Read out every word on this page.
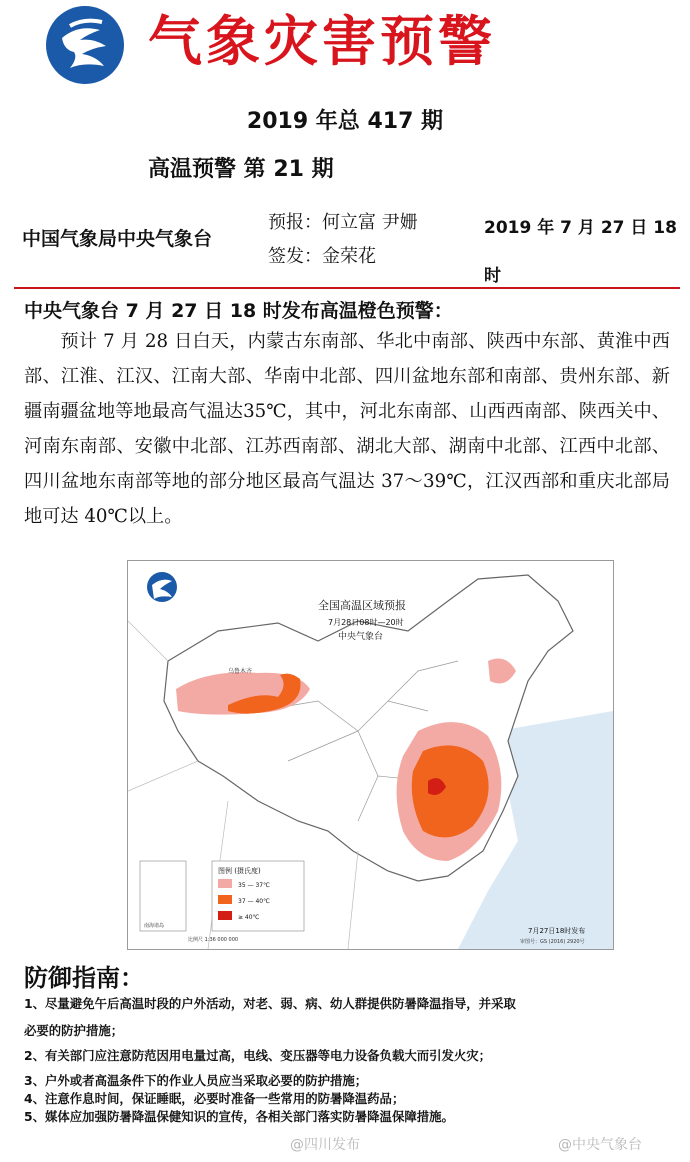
气象灾害预警
2019 年总 417 期
高温预警 第 21 期
中国气象局中央气象台
预报：何立富 尹姗
签发：金荣花
2019 年 7 月 27 日 18 时
中央气象台 7 月 27 日 18 时发布高温橙色预警：
预计 7 月 28 日白天，内蒙古东南部、华北中南部、陕西中东部、黄淮中西部、江淮、江汉、江南大部、华南中北部、四川盆地东部和南部、贵州东部、新疆南疆盆地等地最高气温达35℃，其中，河北东南部、山西西南部、陕西关中、河南东南部、安徽中北部、江苏西南部、湖北大部、湖南中北部、江西中北部、四川盆地东南部等地的部分地区最高气温达 37～39℃，江汉西部和重庆北部局地可达 40℃以上。
全国高温区域预报
7月28日08时—20时
中央气象台
乌鲁木齐
图例 (摄氏度)
35 — 37℃
37 — 40℃
≥ 40℃
南海诸岛
比例尺 1:36 000 000
7月27日18时发布
审图号：GS (2016) 2920号
防御指南：
1、尽量避免午后高温时段的户外活动，对老、弱、病、幼人群提供防暑降温指导，并采取
必要的防护措施；
2、有关部门应注意防范因用电量过高，电线、变压器等电力设备负载大而引发火灾；
3、户外或者高温条件下的作业人员应当采取必要的防护措施；
4、注意作息时间，保证睡眠，必要时准备一些常用的防暑降温药品；
5、媒体应加强防暑降温保健知识的宣传，各相关部门落实防暑降温保障措施。
@四川发布	@中央气象台
